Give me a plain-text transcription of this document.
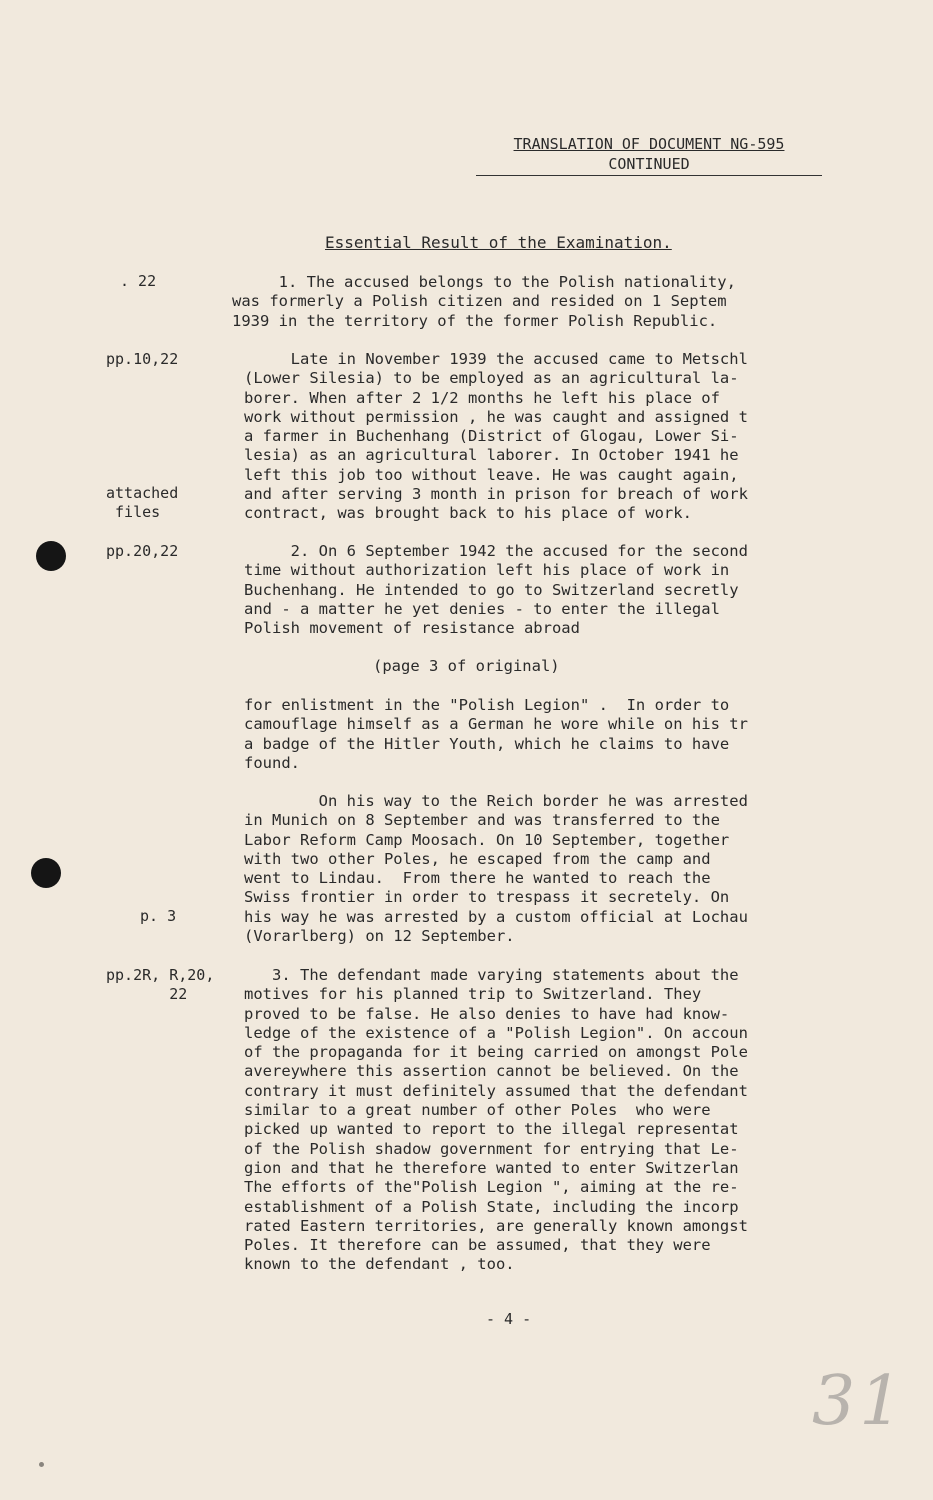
TRANSLATION OF DOCUMENT NG-595
CONTINUED
Essential Result of the Examination.
. 22
pp.10,22
attached
files
pp.20,22
p. 3
pp.2R, R,20,
22
1. The accused belongs to the Polish nationality,
was formerly a Polish citizen and resided on 1 Septem
1939 in the territory of the former Polish Republic.
Late in November 1939 the accused came to Metschl
(Lower Silesia) to be employed as an agricultural la-
borer. When after 2 1/2 months he left his place of
work without permission , he was caught and assigned t
a farmer in Buchenhang (District of Glogau, Lower Si-
lesia) as an agricultural laborer. In October 1941 he
left this job too without leave. He was caught again,
and after serving 3 month in prison for breach of work
contract, was brought back to his place of work.
2. On 6 September 1942 the accused for the second
time without authorization left his place of work in
Buchenhang. He intended to go to Switzerland secretly
and - a matter he yet denies - to enter the illegal
Polish movement of resistance abroad
(page 3 of original)
for enlistment in the "Polish Legion" .  In order to
camouflage himself as a German he wore while on his tr
a badge of the Hitler Youth, which he claims to have
found.
On his way to the Reich border he was arrested
in Munich on 8 September and was transferred to the
Labor Reform Camp Moosach. On 10 September, together
with two other Poles, he escaped from the camp and
went to Lindau.  From there he wanted to reach the
Swiss frontier in order to trespass it secretely. On
his way he was arrested by a custom official at Lochau
(Vorarlberg) on 12 September.
3. The defendant made varying statements about the
motives for his planned trip to Switzerland. They
proved to be false. He also denies to have had know-
ledge of the existence of a "Polish Legion". On accoun
of the propaganda for it being carried on amongst Pole
avereywhere this assertion cannot be believed. On the
contrary it must definitely assumed that the defendant
similar to a great number of other Poles  who were
picked up wanted to report to the illegal representat
of the Polish shadow government for entrying that Le-
gion and that he therefore wanted to enter Switzerlan
The efforts of the"Polish Legion ", aiming at the re-
establishment of a Polish State, including the incorp
rated Eastern territories, are generally known amongst
Poles. It therefore can be assumed, that they were
known to the defendant , too.
- 4 -
31
